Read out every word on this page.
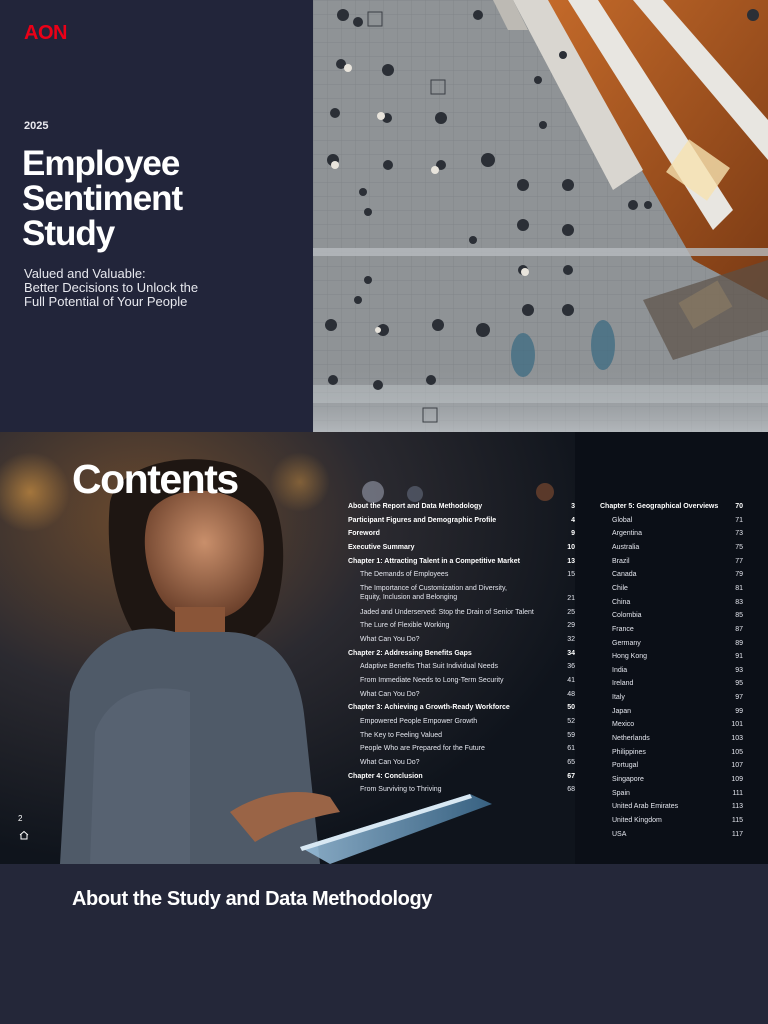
AON
2025
Employee
Sentiment
Study
Valued and Valuable:
Better Decisions to Unlock the
Full Potential of Your People
Contents
About the Report and Data Methodology	3
Participant Figures and Demographic Profile	4
Foreword	9
Executive Summary	10
Chapter 1: Attracting Talent in a Competitive Market	13
The Demands of Employees	15
The Importance of Customization and Diversity,
Equity, Inclusion and Belonging	21
Jaded and Underserved: Stop the Drain of Senior Talent	25
The Lure of Flexible Working	29
What Can You Do?	32
Chapter 2: Addressing Benefits Gaps	34
Adaptive Benefits That Suit Individual Needs	36
From Immediate Needs to Long-Term Security	41
What Can You Do?	48
Chapter 3: Achieving a Growth-Ready Workforce	50
Empowered People Empower Growth	52
The Key to Feeling Valued	59
People Who are Prepared for the Future	61
What Can You Do?	65
Chapter 4: Conclusion	67
From Surviving to Thriving	68
Chapter 5: Geographical Overviews	70
Global	71
Argentina	73
Australia	75
Brazil	77
Canada	79
Chile	81
China	83
Colombia	85
France	87
Germany	89
Hong Kong	91
India	93
Ireland	95
Italy	97
Japan	99
Mexico	101
Netherlands	103
Philippines	105
Portugal	107
Singapore	109
Spain	111
United Arab Emirates	113
United Kingdom	115
USA	117
2
About the Study and Data Methodology
